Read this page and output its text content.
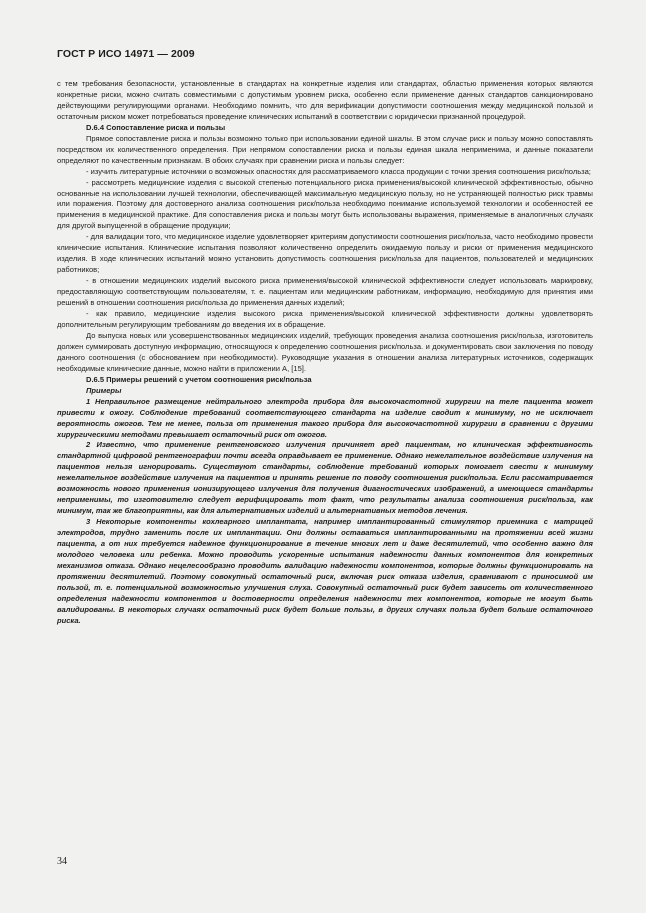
ГОСТ Р ИСО 14971 — 2009

с тем требования безопасности, установленные в стандартах на конкретные изделия или стандартах, областью применения которых являются конкретные риски, можно считать совместимыми с допустимым уровнем риска, особенно если применение данных стандартов санкционировано действующими регулирующими органами. Необходимо помнить, что для верификации допустимости соотношения между медицинской пользой и остаточным риском может потребоваться проведение клинических испытаний в соответствии с юридически признанной процедурой.

D.6.4 Сопоставление риска и пользы

Прямое сопоставление риска и пользы возможно только при использовании единой шкалы. В этом случае риск и пользу можно сопоставлять посредством их количественного определения. При непрямом сопоставлении риска и пользы единая шкала неприменима, и данные показатели определяют по качественным признакам. В обоих случаях при сравнении риска и пользы следует:

- изучить литературные источники о возможных опасностях для рассматриваемого класса продукции с точки зрения соотношения риск/польза;

- рассмотреть медицинские изделия с высокой степенью потенциального риска применения/высокой клинической эффективностью, обычно основанные на использовании лучшей технологии, обеспечивающей максимальную медицинскую пользу, но не устраняющей полностью риск травмы или поражения. Поэтому для достоверного анализа соотношения риск/польза необходимо понимание используемой технологии и особенностей ее применения в медицинской практике. Для сопоставления риска и пользы могут быть использованы выражения, применяемые в аналогичных случаях для другой выпущенной в обращение продукции;

- для валидации того, что медицинское изделие удовлетворяет критериям допустимости соотношения риск/польза, часто необходимо провести клинические испытания. Клинические испытания позволяют количественно определить ожидаемую пользу и риски от применения медицинского изделия. В ходе клинических испытаний можно установить допустимость соотношения риск/польза для пациентов, пользователей и медицинских работников;

- в отношении медицинских изделий высокого риска применения/высокой клинической эффективности следует использовать маркировку, предоставляющую соответствующим пользователям, т. е. пациентам или медицинским работникам, информацию, необходимую для принятия ими решений в отношении соотношения риск/польза до применения данных изделий;

- как правило, медицинские изделия высокого риска применения/высокой клинической эффективности должны удовлетворять дополнительным регулирующим требованиям до введения их в обращение.

До выпуска новых или усовершенствованных медицинских изделий, требующих проведения анализа соотношения риск/польза, изготовитель должен суммировать доступную информацию, относящуюся к определению соотношения риск/польза. и документировать свои заключения по поводу данного соотношения (с обоснованием при необходимости). Руководящие указания в отношении анализа литературных источников, содержащих необходимые клинические данные, можно найти в приложении А, [15].

D.6.5 Примеры решений с учетом соотношения риск/польза

Примеры

1 Неправильное размещение нейтрального электрода прибора для высокочастотной хирургии на теле пациента может привести к ожогу. Соблюдение требований соответствующего стандарта на изделие сводит к минимуму, но не исключает вероятность ожогов. Тем не менее, польза от применения такого прибора для высокочастотной хирургии в сравнении с другими хирургическими методами превышает остаточный риск от ожогов.

2 Известно, что применение рентгеновского излучения причиняет вред пациентам, но клиническая эффективность стандартной цифровой рентгенографии почти всегда оправдывает ее применение. Однако нежелательное воздействие излучения на пациентов нельзя игнорировать. Существуют стандарты, соблюдение требований которых помогает свести к минимуму нежелательное воздействие излучения на пациентов и принять решение по поводу соотношения риск/польза. Если рассматривается возможность нового применения ионизирующего излучения для получения диагностических изображений, а имеющиеся стандарты неприменимы, то изготовителю следует верифицировать тот факт, что результаты анализа соотношения риск/польза, как минимум, так же благоприятны, как для альтернативных изделий и альтернативных методов лечения.

3 Некоторые компоненты кохлеарного имплантата, например имплантированный стимулятор приемника с матрицей электродов, трудно заменить после их имплантации. Они должны оставаться имплантированными на протяжении всей жизни пациента, а от них требуется надежное функционирование в течение многих лет и даже десятилетий, что особенно важно для молодого человека или ребенка. Можно проводить ускоренные испытания надежности данных компонентов для конкретных механизмов отказа. Однако нецелесообразно проводить валидацию надежности компонентов, которые должны функционировать на протяжении десятилетий. Поэтому совокупный остаточный риск, включая риск отказа изделия, сравнивают с приносимой им пользой, т. е. потенциальной возможностью улучшения слуха. Совокупный остаточный риск будет зависеть от количественного определения надежности компонентов и достоверности определения надежности тех компонентов, которые не могут быть валидированы. В некоторых случаях остаточный риск будет больше пользы, в других случаях польза будет больше остаточного риска.

34
